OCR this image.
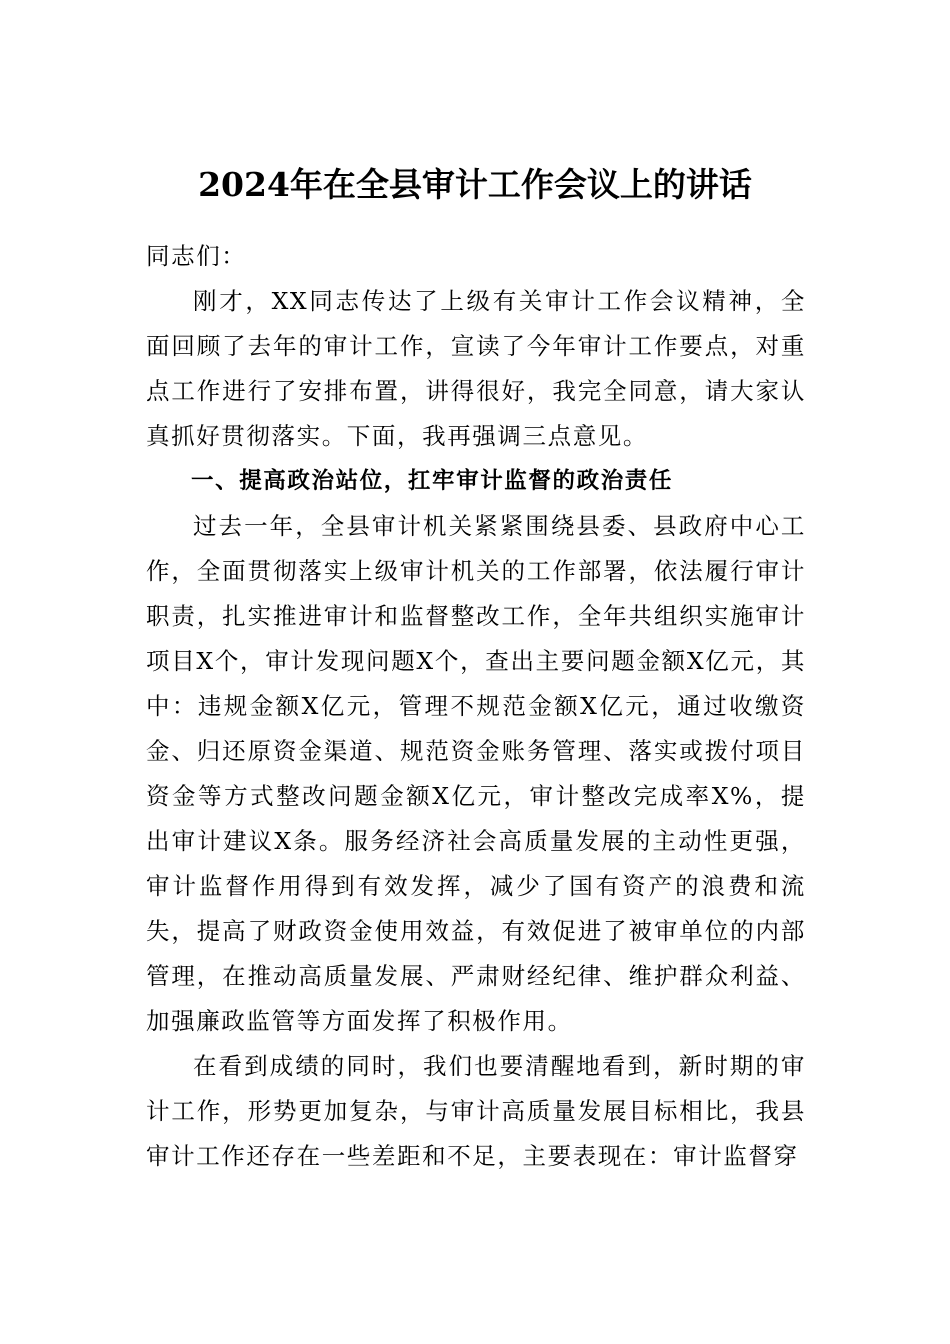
2024年在全县审计工作会议上的讲话

同志们：

刚才，XX同志传达了上级有关审计工作会议精神，全面回顾了去年的审计工作，宣读了今年审计工作要点，对重点工作进行了安排布置，讲得很好，我完全同意，请大家认真抓好贯彻落实。下面，我再强调三点意见。

一、提高政治站位，扛牢审计监督的政治责任

过去一年，全县审计机关紧紧围绕县委、县政府中心工作，全面贯彻落实上级审计机关的工作部署，依法履行审计职责，扎实推进审计和监督整改工作，全年共组织实施审计项目X个，审计发现问题X个，查出主要问题金额X亿元，其中：违规金额X亿元，管理不规范金额X亿元，通过收缴资金、归还原资金渠道、规范资金账务管理、落实或拨付项目资金等方式整改问题金额X亿元，审计整改完成率X%，提出审计建议X条。服务经济社会高质量发展的主动性更强，审计监督作用得到有效发挥，减少了国有资产的浪费和流失，提高了财政资金使用效益，有效促进了被审单位的内部管理，在推动高质量发展、严肃财经纪律、维护群众利益、加强廉政监管等方面发挥了积极作用。

在看到成绩的同时，我们也要清醒地看到，新时期的审计工作，形势更加复杂，与审计高质量发展目标相比，我县审计工作还存在一些差距和不足，主要表现在：审计监督穿
